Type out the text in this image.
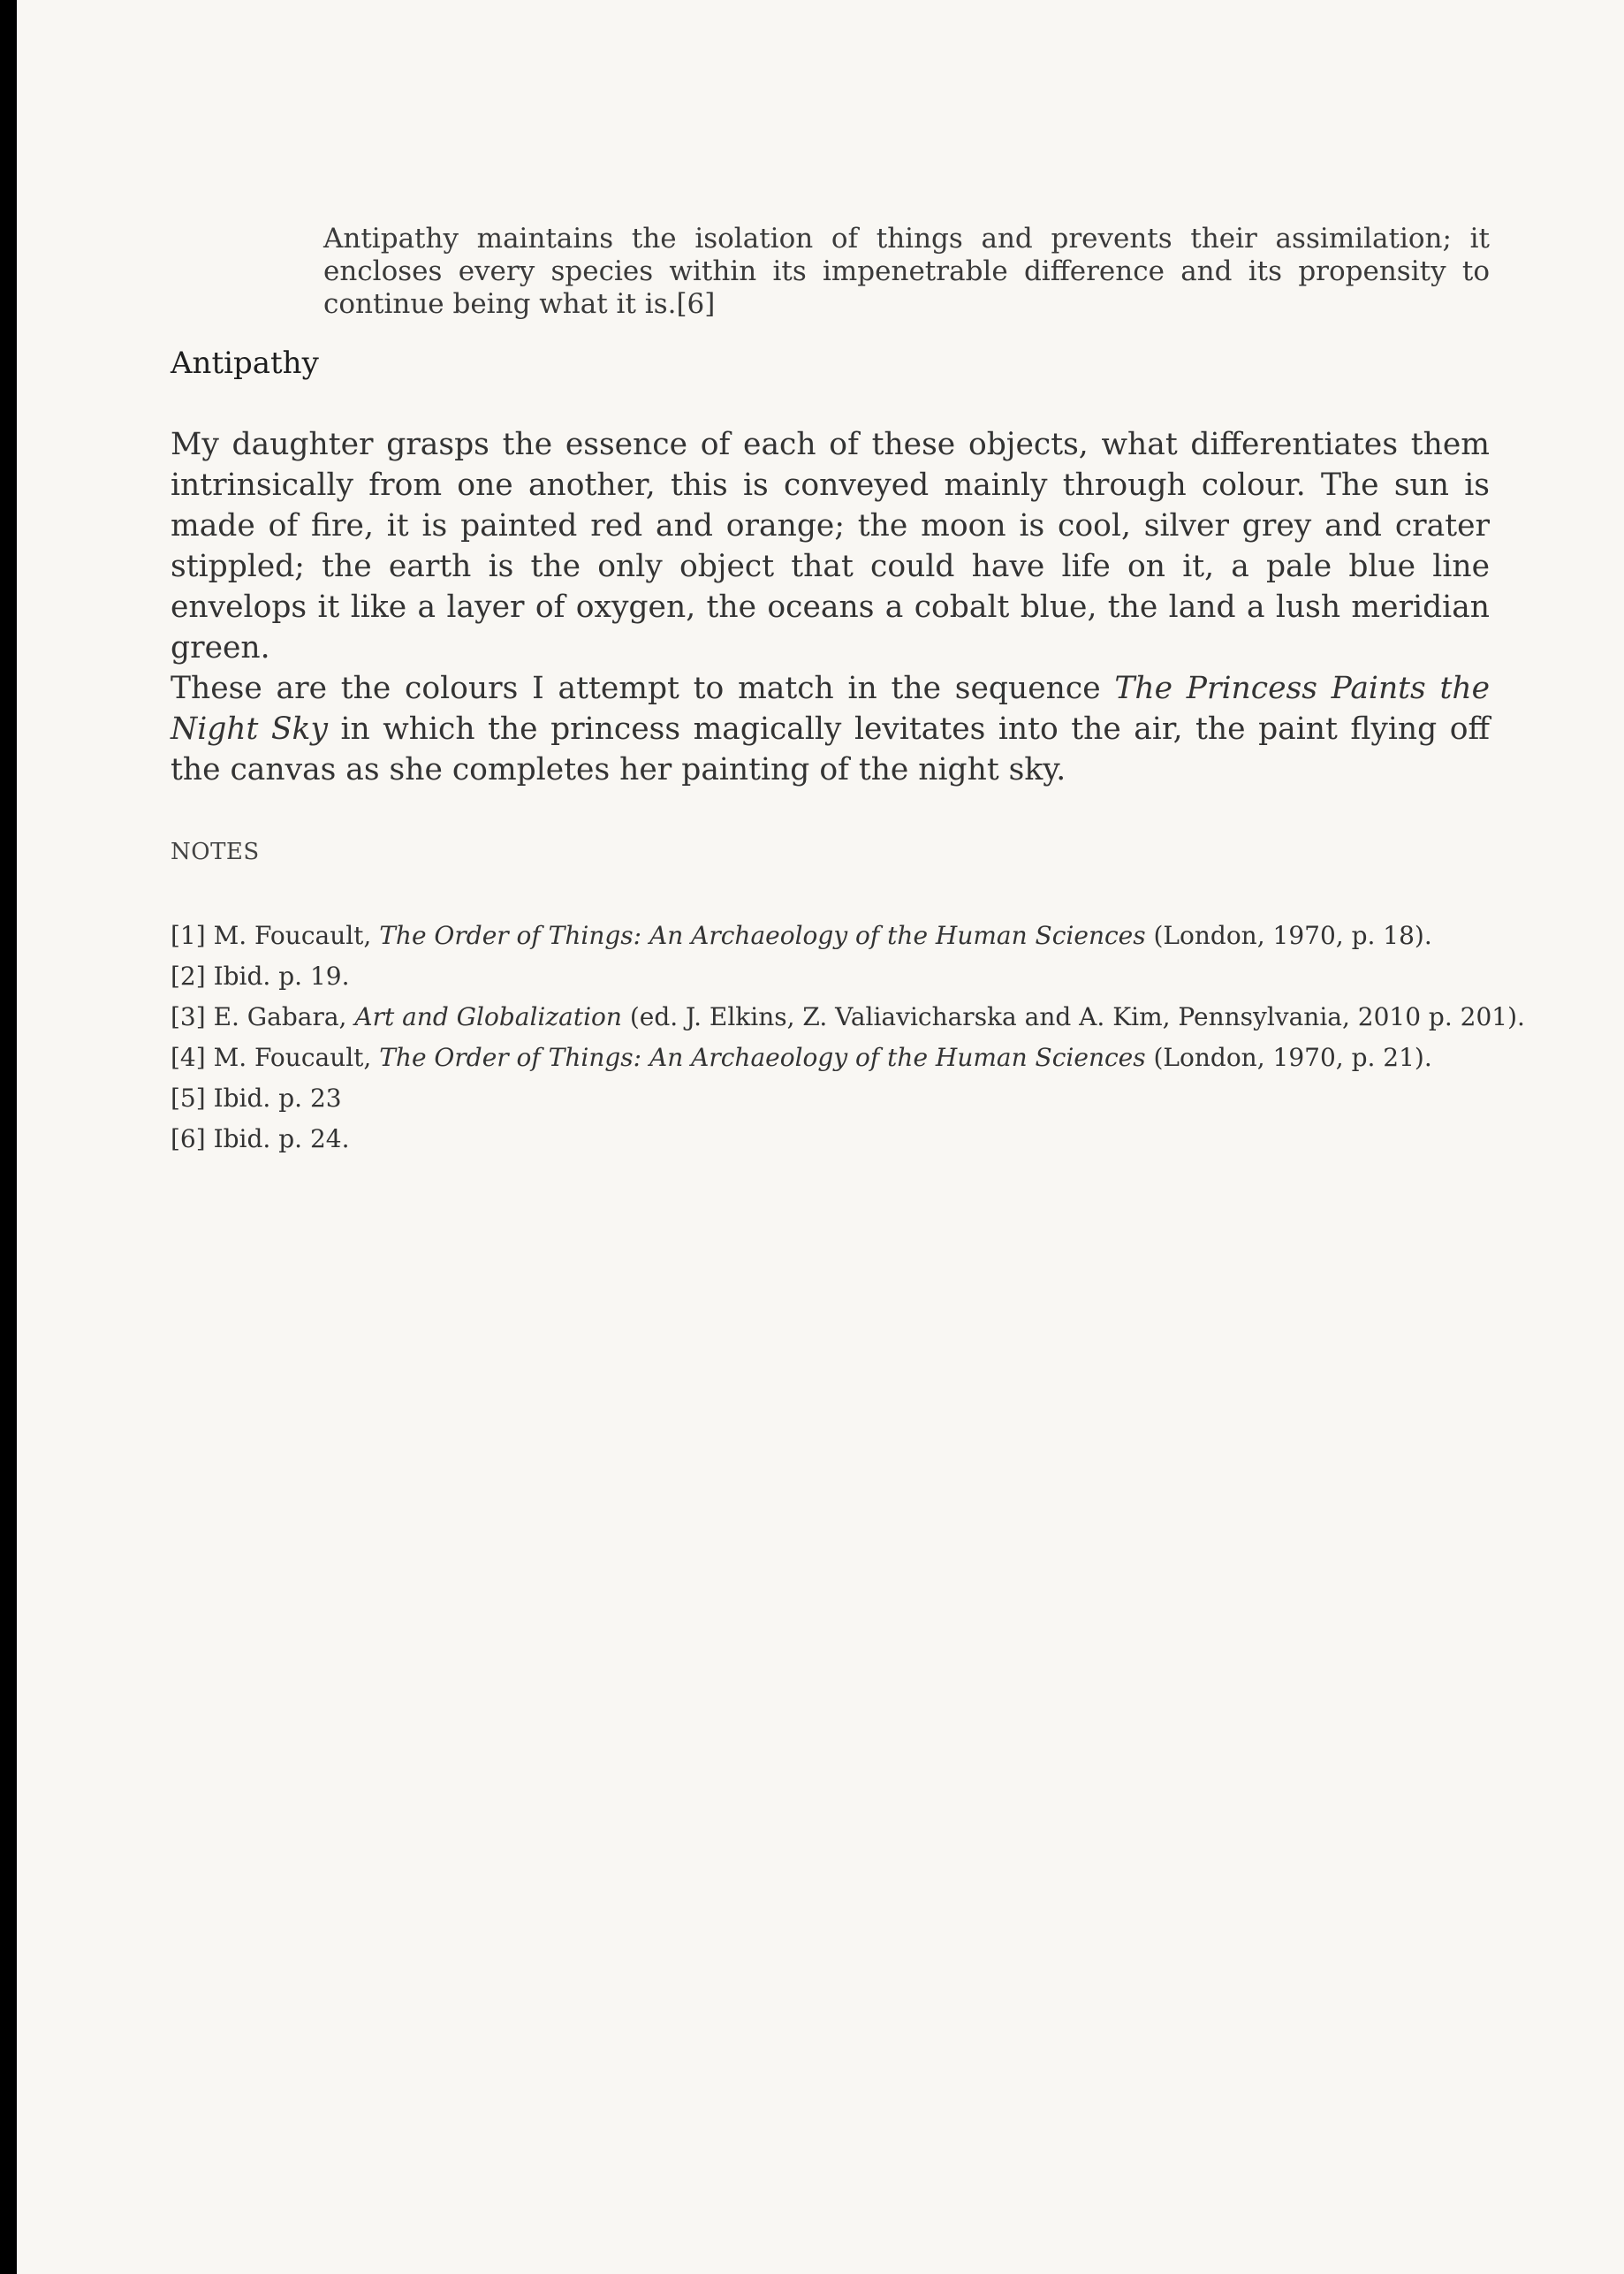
Antipathy maintains the isolation of things and prevents their assimilation; it encloses every species within its impenetrable difference and its propensity to continue being what it is.[6]

Antipathy

My daughter grasps the essence of each of these objects, what differentiates them intrinsically from one another, this is conveyed mainly through colour. The sun is made of fire, it is painted red and orange; the moon is cool, silver grey and crater stippled; the earth is the only object that could have life on it, a pale blue line envelops it like a layer of oxygen, the oceans a cobalt blue, the land a lush meridian green.

These are the colours I attempt to match in the sequence The Princess Paints the Night Sky in which the princess magically levitates into the air, the paint flying off the canvas as she completes her painting of the night sky.

NOTES

[1] M. Foucault, The Order of Things: An Archaeology of the Human Sciences (London, 1970, p. 18).
[2] Ibid. p. 19.
[3] E. Gabara, Art and Globalization (ed. J. Elkins, Z. Valiavicharska and A. Kim, Pennsylvania, 2010 p. 201).
[4] M. Foucault, The Order of Things: An Archaeology of the Human Sciences (London, 1970, p. 21).
[5] Ibid. p. 23
[6] Ibid. p. 24.
